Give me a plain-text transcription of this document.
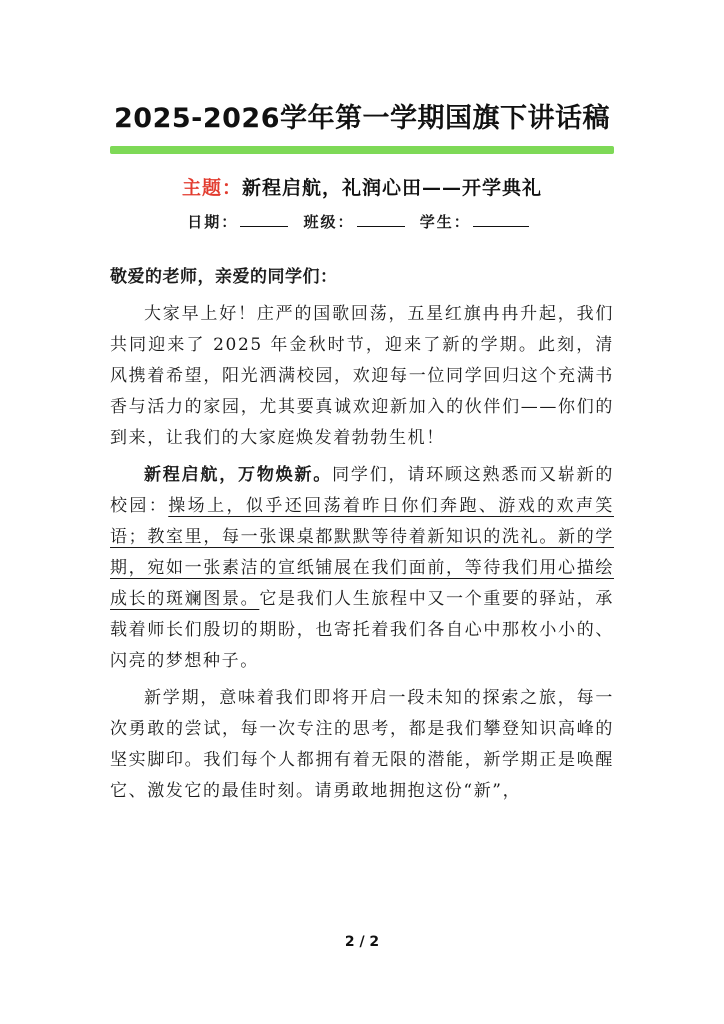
2025-2026学年第一学期国旗下讲话稿
主题：新程启航，礼润心田——开学典礼
日期：	班级：	学生：

敬爱的老师，亲爱的同学们：

大家早上好！庄严的国歌回荡，五星红旗冉冉升起，我们共同迎来了 2025 年金秋时节，迎来了新的学期。此刻，清风携着希望，阳光洒满校园，欢迎每一位同学回归这个充满书香与活力的家园，尤其要真诚欢迎新加入的伙伴们——你们的到来，让我们的大家庭焕发着勃勃生机！

新程启航，万物焕新。同学们，请环顾这熟悉而又崭新的校园：操场上，似乎还回荡着昨日你们奔跑、游戏的欢声笑语；教室里，每一张课桌都默默等待着新知识的洗礼。新的学期，宛如一张素洁的宣纸铺展在我们面前，等待我们用心描绘成长的斑斓图景。它是我们人生旅程中又一个重要的驿站，承载着师长们殷切的期盼，也寄托着我们各自心中那枚小小的、闪亮的梦想种子。

新学期，意味着我们即将开启一段未知的探索之旅，每一次勇敢的尝试，每一次专注的思考，都是我们攀登知识高峰的坚实脚印。我们每个人都拥有着无限的潜能，新学期正是唤醒它、激发它的最佳时刻。请勇敢地拥抱这份“新”，

2 / 2
